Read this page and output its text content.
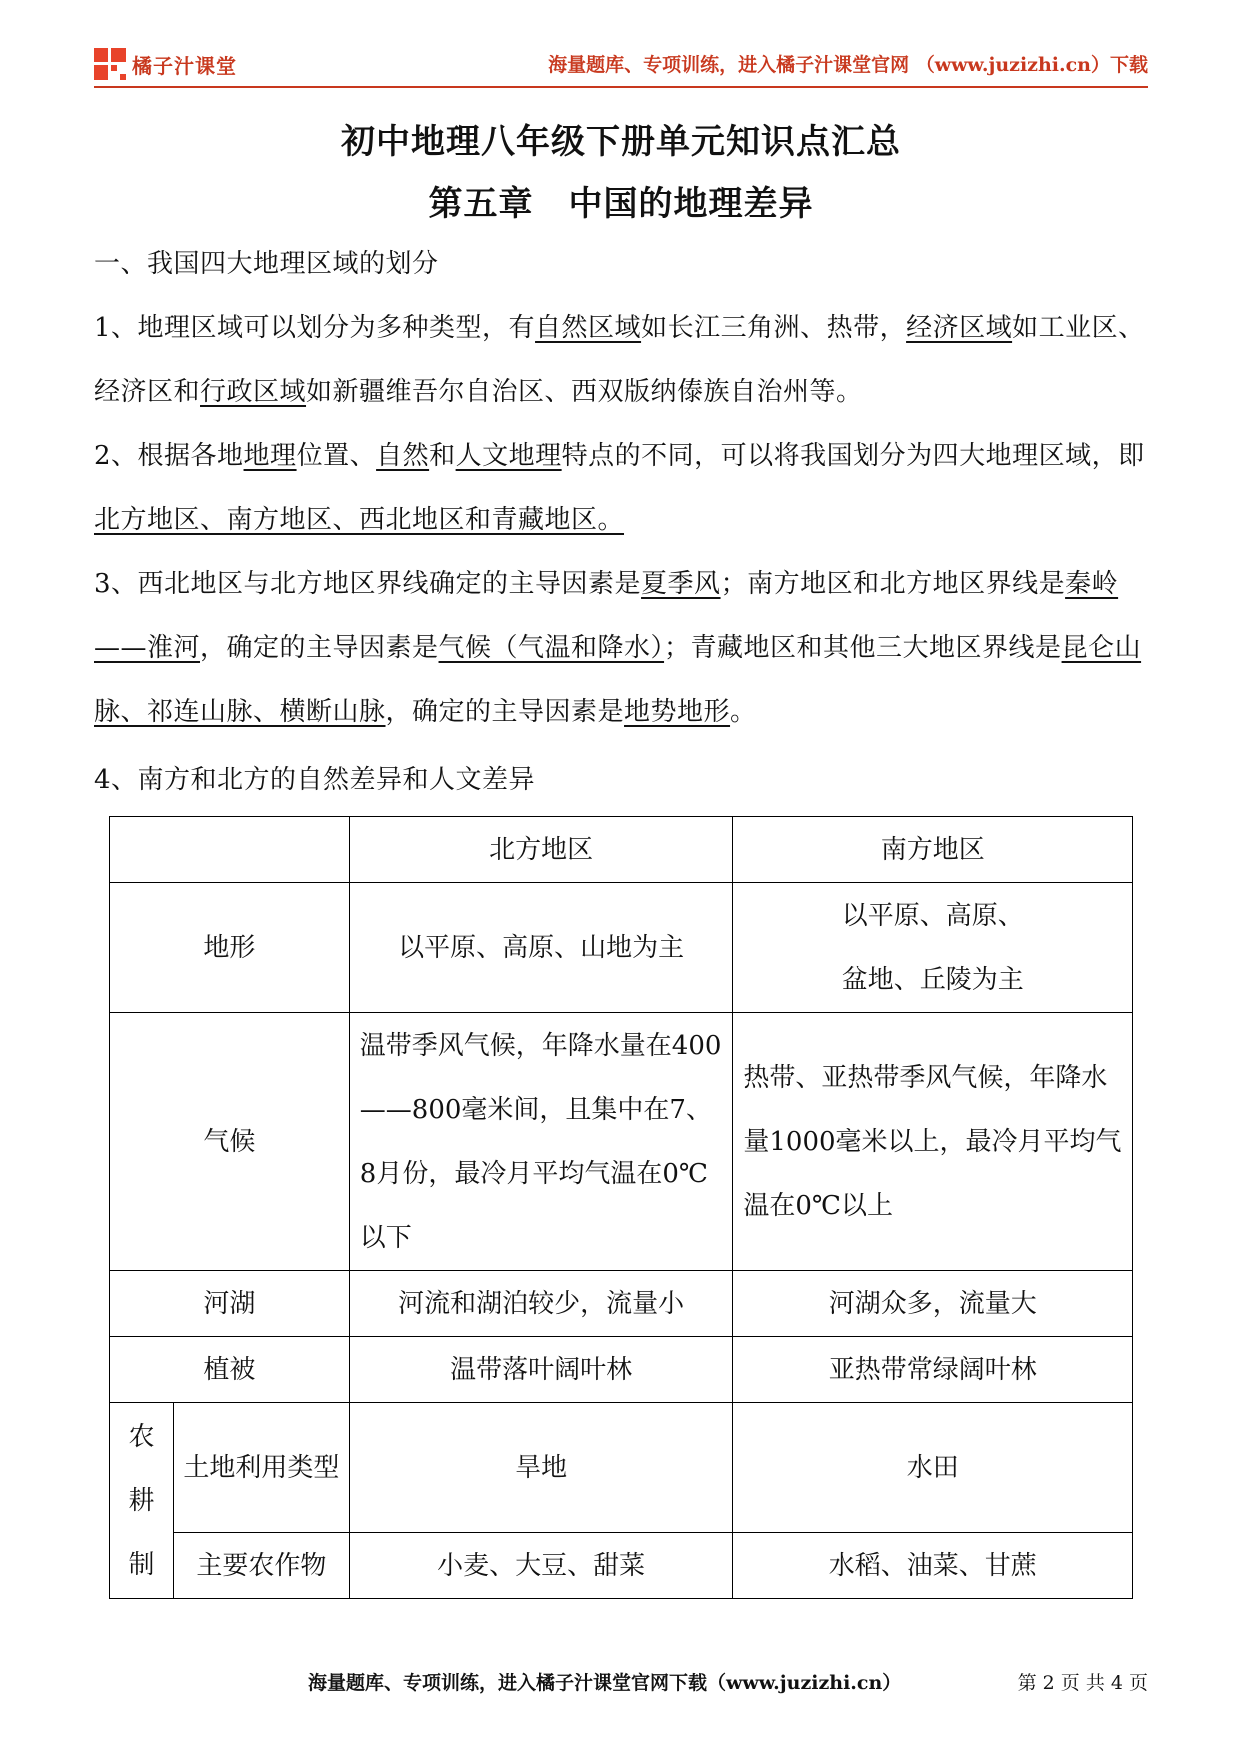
橘子汁课堂	海量题库、专项训练，进入橘子汁课堂官网 （www.juzizhi.cn）下载
初中地理八年级下册单元知识点汇总
第五章　中国的地理差异
一、我国四大地理区域的划分
1、地理区域可以划分为多种类型，有自然区域如长江三角洲、热带，经济区域如工业区、经济区和行政区域如新疆维吾尔自治区、西双版纳傣族自治州等。
2、根据各地地理位置、自然和人文地理特点的不同，可以将我国划分为四大地理区域，即北方地区、南方地区、西北地区和青藏地区。
3、西北地区与北方地区界线确定的主导因素是夏季风；南方地区和北方地区界线是秦岭——淮河，确定的主导因素是气候（气温和降水）；青藏地区和其他三大地区界线是昆仑山脉、祁连山脉、横断山脉，确定的主导因素是地势地形。
4、南方和北方的自然差异和人文差异
		北方地区	南方地区
地形		以平原、高原、山地为主	以平原、高原、
盆地、丘陵为主

气候		温带季风气候，年降水量在400——800毫米间，且集中在7、8月份，最冷月平均气温在0℃以下	热带、亚热带季风气候，年降水量1000毫米以上，最冷月平均气温在0℃以上
河湖		河流和湖泊较少，流量小	河湖众多，流量大
植被		温带落叶阔叶林	亚热带常绿阔叶林

农
耕
制	土地利用类型	旱地	水田
	主要农作物	小麦、大豆、甜菜	水稻、油菜、甘蔗
海量题库、专项训练，进入橘子汁课堂官网下载（www.juzizhi.cn）	第 2 页 共 4 页
